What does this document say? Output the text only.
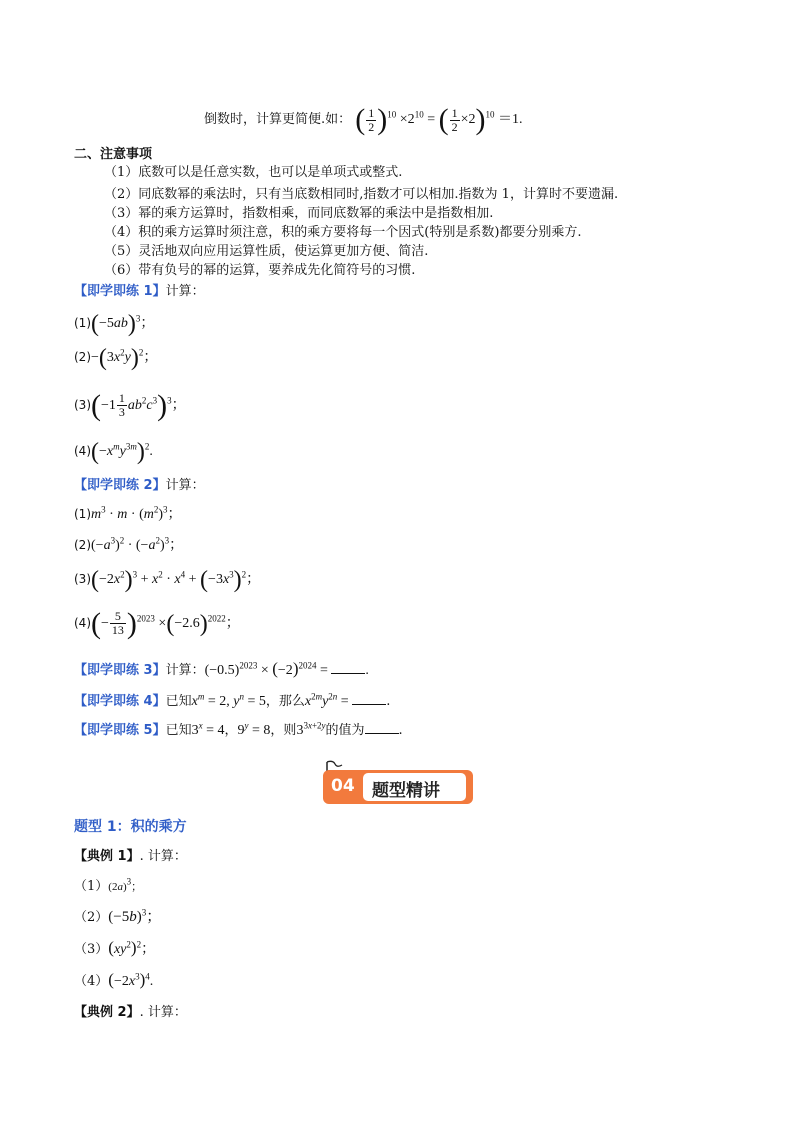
倒数时，计算更简便.如： ( $\frac{1}{2} )^{10} \times 2^{10}$ = ( $\frac{1}{2} \times 2)^{10} =1$.
二、注意事项
（1）底数可以是任意实数，也可以是单项式或整式.
（2）同底数幂的乘法时，只有当底数相同时,指数才可以相加.指数为 1，计算时不要遗漏.
（3）幂的乘方运算时，指数相乘，而同底数幂的乘法中是指数相加.
（4）积的乘方运算时须注意，积的乘方要将每一个因式(特别是系数)都要分别乘方.
（5）灵活地双向应用运算性质，使运算更加方便、简洁.
（6）带有负号的幂的运算，要养成先化简符号的习惯.
【即学即练 1】计算：
$(1)(-5ab)^3$；
$(2)-(3x^2y)^2$；
$(3)(-1 \frac{1}{3} ab^2c^3)^3$；
$(4)(-x^my^{3m})^2$.
【即学即练 2】计算：
$(1)m^3 \cdot m \cdot (m^2)^3$；
$(2)(-a^3)^2 \cdot (-a^2)^3$；
$(3)(-2x^2)^3 + x^2 \cdot x^4 + (-3x^3)^2$；
$(4)(- \frac{5}{13} )^{2023} \times(-2.6)^{2022}$；
【即学即练 3】计算：$(-0.5)^{2023} \times (-2)^{2024}$ = .
【即学即练 4】已知$x^m = 2$, $y^n = 5$，那么$x^{2m}y^{2n}$ =	.
【即学即练 5】已知$3^x = 4$，$9^y = 8$，则$3^{3x+2y}$的值为	.
04 题型精讲
题型 1：积的乘方
【典例 1】. 计算：
$(1)(2a)^3$；
$(2)(-5b)^3$；
$(3)(xy^2)^2$；
$(4)(-2x^3)^4$.
【典例 2】. 计算：
